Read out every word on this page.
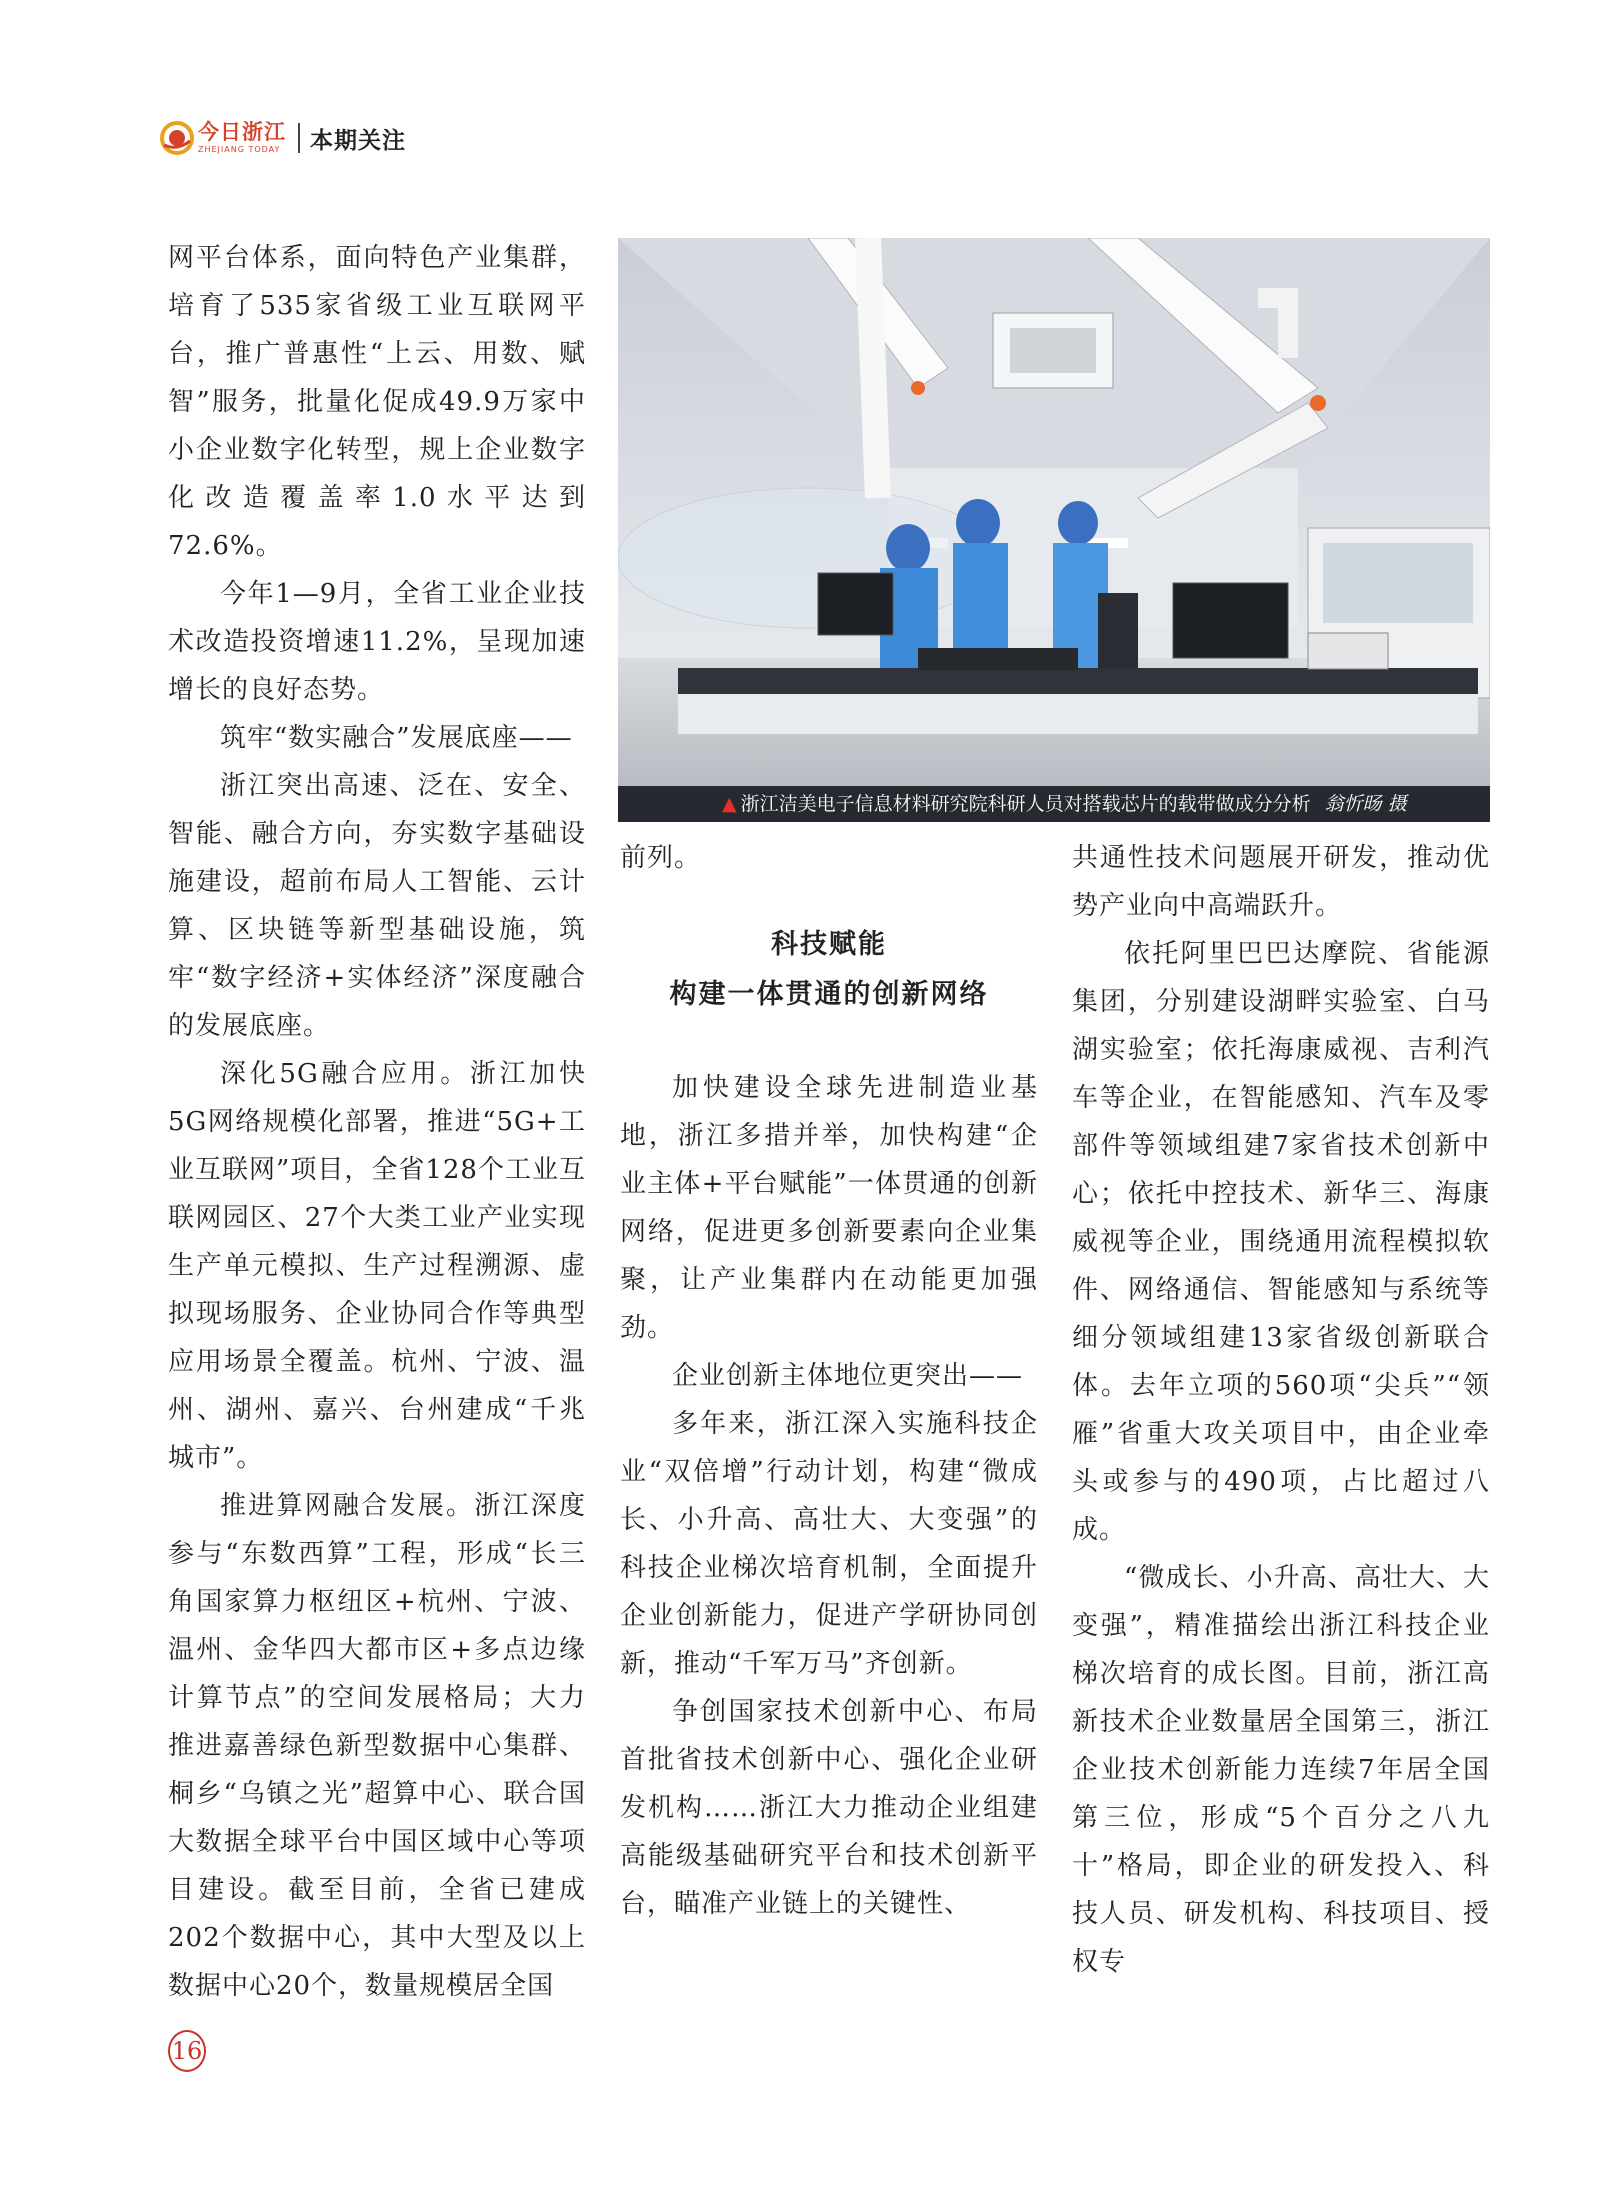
今日浙江
ZHEJIANG TODAY 本期关注

网平台体系，面向特色产业集群，培育了535家省级工业互联网平台，推广普惠性“上云、用数、赋智”服务，批量化促成49.9万家中小企业数字化转型，规上企业数字化改造覆盖率1.0水平达到72.6%。

今年1—9月，全省工业企业技术改造投资增速11.2%，呈现加速增长的良好态势。

筑牢“数实融合”发展底座——

浙江突出高速、泛在、安全、智能、融合方向，夯实数字基础设施建设，超前布局人工智能、云计算、区块链等新型基础设施，筑牢“数字经济+实体经济”深度融合的发展底座。

深化5G融合应用。浙江加快5G网络规模化部署，推进“5G+工业互联网”项目，全省128个工业互联网园区、27个大类工业产业实现生产单元模拟、生产过程溯源、虚拟现场服务、企业协同合作等典型应用场景全覆盖。杭州、宁波、温州、湖州、嘉兴、台州建成“千兆城市”。

推进算网融合发展。浙江深度参与“东数西算”工程，形成“长三角国家算力枢纽区+杭州、宁波、温州、金华四大都市区+多点边缘计算节点”的空间发展格局；大力推进嘉善绿色新型数据中心集群、桐乡“乌镇之光”超算中心、联合国大数据全球平台中国区域中心等项目建设。截至目前，全省已建成202个数据中心，其中大型及以上数据中心20个，数量规模居全国

▲ 浙江洁美电子信息材料研究院科研人员对搭载芯片的载带做成分分析 翁忻旸 摄

前列。

科技赋能
构建一体贯通的创新网络

加快建设全球先进制造业基地，浙江多措并举，加快构建“企业主体+平台赋能”一体贯通的创新网络，促进更多创新要素向企业集聚，让产业集群内在动能更加强劲。

企业创新主体地位更突出——

多年来，浙江深入实施科技企业“双倍增”行动计划，构建“微成长、小升高、高壮大、大变强”的科技企业梯次培育机制，全面提升企业创新能力，促进产学研协同创新，推动“千军万马”齐创新。

争创国家技术创新中心、布局首批省技术创新中心、强化企业研发机构……浙江大力推动企业组建高能级基础研究平台和技术创新平台，瞄准产业链上的关键性、

共通性技术问题展开研发，推动优势产业向中高端跃升。

依托阿里巴巴达摩院、省能源集团，分别建设湖畔实验室、白马湖实验室；依托海康威视、吉利汽车等企业，在智能感知、汽车及零部件等领域组建7家省技术创新中心；依托中控技术、新华三、海康威视等企业，围绕通用流程模拟软件、网络通信、智能感知与系统等细分领域组建13家省级创新联合体。去年立项的560项“尖兵”“领雁”省重大攻关项目中，由企业牵头或参与的490项，占比超过八成。

“微成长、小升高、高壮大、大变强”，精准描绘出浙江科技企业梯次培育的成长图。目前，浙江高新技术企业数量居全国第三，浙江企业技术创新能力连续7年居全国第三位，形成“5个百分之八九十”格局，即企业的研发投入、科技人员、研发机构、科技项目、授权专

16
